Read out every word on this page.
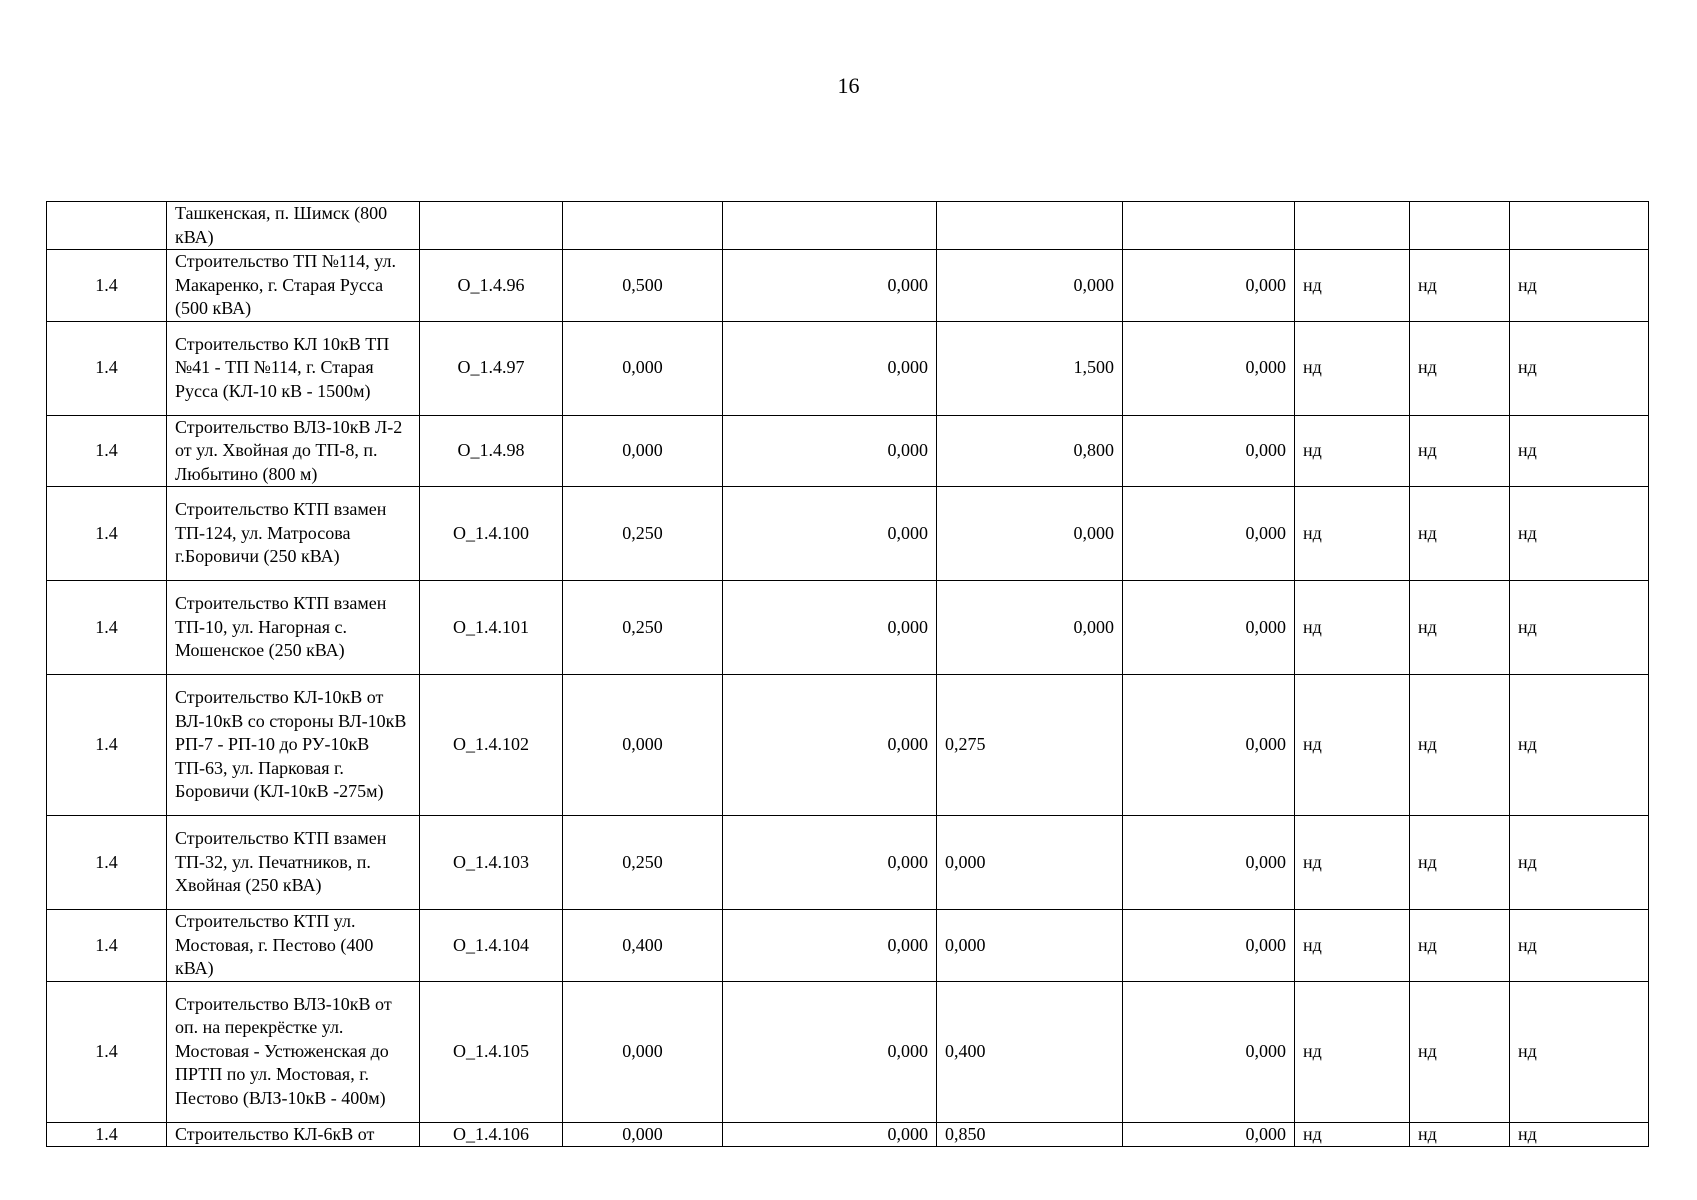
16
	Ташкенская, п. Шимск (800 кВА)								
1.4	Строительство ТП №114, ул. Макаренко, г. Старая Русса (500 кВА)	О_1.4.96	0,500	0,000	0,000	0,000	нд	нд	нд
1.4	Строительство КЛ 10кВ ТП №41 - ТП №114, г. Старая Русса (КЛ-10 кВ - 1500м)	О_1.4.97	0,000	0,000	1,500	0,000	нд	нд	нд
1.4	Строительство ВЛЗ-10кВ Л-2 от ул. Хвойная до ТП-8, п. Любытино (800 м)	О_1.4.98	0,000	0,000	0,800	0,000	нд	нд	нд
1.4	Строительство КТП взамен ТП-124, ул. Матросова г.Боровичи (250 кВА)	О_1.4.100	0,250	0,000	0,000	0,000	нд	нд	нд
1.4	Строительство КТП взамен ТП-10, ул. Нагорная с. Мошенское (250 кВА)	О_1.4.101	0,250	0,000	0,000	0,000	нд	нд	нд
1.4	Строительство КЛ-10кВ от ВЛ-10кВ со стороны ВЛ-10кВ РП-7 - РП-10 до РУ-10кВ ТП-63, ул. Парковая г. Боровичи (КЛ-10кВ -275м)	О_1.4.102	0,000	0,000	0,275	0,000	нд	нд	нд
1.4	Строительство КТП взамен ТП-32, ул. Печатников, п. Хвойная (250 кВА)	О_1.4.103	0,250	0,000	0,000	0,000	нд	нд	нд
1.4	Строительство КТП ул. Мостовая, г. Пестово (400 кВА)	О_1.4.104	0,400	0,000	0,000	0,000	нд	нд	нд
1.4	Строительство ВЛЗ-10кВ от оп. на перекрёстке ул. Мостовая - Устюженская до ПРТП по ул. Мостовая, г. Пестово (ВЛЗ-10кВ - 400м)	О_1.4.105	0,000	0,000	0,400	0,000	нд	нд	нд
1.4	Строительство КЛ-6кВ от	О_1.4.106	0,000	0,000	0,850	0,000	нд	нд	нд
